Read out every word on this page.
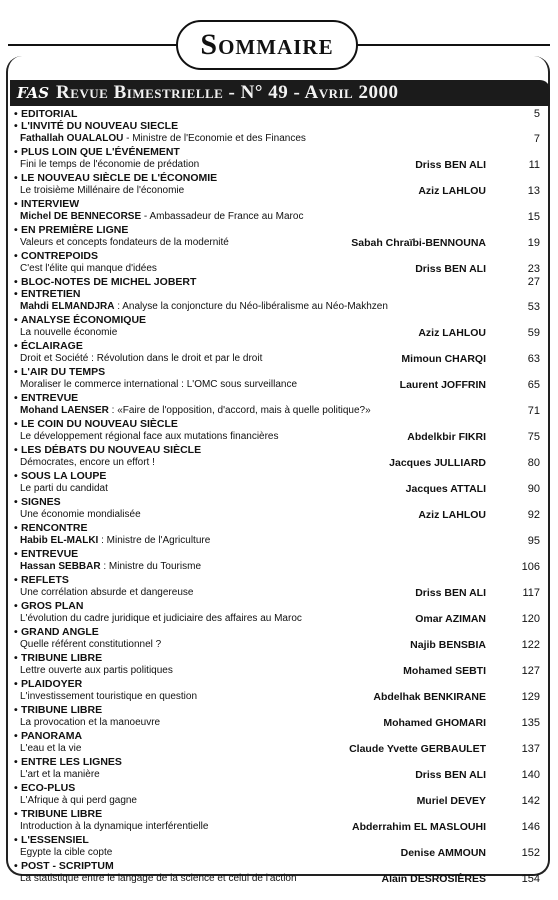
Sommaire
FAS Revue Bimestrielle - N° 49 - Avril 2000
• EDITORIAL	5
• L'INVITÉ DU NOUVEAU SIECLE
Fathallah OUALALOU - Ministre de l'Economie et des Finances	7
• PLUS LOIN QUE L'ÉVÉNEMENT
Fini le temps de l'économie de prédation	Driss BEN ALI	11
• LE NOUVEAU SIÈCLE DE L'ÉCONOMIE
Le troisième Millénaire de l'économie	Aziz LAHLOU	13
• INTERVIEW
Michel DE BENNECORSE - Ambassadeur de France au Maroc	15
• EN PREMIÈRE LIGNE
Valeurs et concepts fondateurs de la modernité	Sabah Chraïbi-BENNOUNA	19
• CONTREPOIDS
C'est l'élite qui manque d'idées	Driss BEN ALI	23
• BLOC-NOTES DE MICHEL JOBERT	27
• ENTRETIEN
Mahdi ELMANDJRA : Analyse la conjoncture du Néo-libéralisme au Néo-Makhzen	53
• ANALYSE ÉCONOMIQUE
La nouvelle économie	Aziz LAHLOU	59
• ÉCLAIRAGE
Droit et Société : Révolution dans le droit et par le droit	Mimoun CHARQI	63
• L'AIR DU TEMPS
Moraliser le commerce international : L'OMC sous surveillance	Laurent JOFFRIN	65
• ENTREVUE
Mohand LAENSER : «Faire de l'opposition, d'accord, mais à quelle politique?»	71
• LE COIN DU NOUVEAU SIÈCLE
Le développement régional face aux mutations financières	Abdelkbir FIKRI	75
• LES DÉBATS DU NOUVEAU SIÈCLE
Démocrates, encore un effort !	Jacques JULLIARD	80
• SOUS LA LOUPE
Le parti du candidat	Jacques ATTALI	90
• SIGNES
Une économie mondialisée	Aziz LAHLOU	92
• RENCONTRE
Habib EL-MALKI : Ministre de l'Agriculture	95
• ENTREVUE
Hassan SEBBAR : Ministre du Tourisme	106
• REFLETS
Une corrélation absurde et dangereuse	Driss BEN ALI	117
• GROS PLAN
L'évolution du cadre juridique et judiciaire des affaires au Maroc	Omar AZIMAN	120
• GRAND ANGLE
Quelle référent constitutionnel ?	Najib BENSBIA	122
• TRIBUNE LIBRE
Lettre ouverte aux partis politiques	Mohamed SEBTI	127
• PLAIDOYER
L'investissement touristique en question	Abdelhak BENKIRANE	129
• TRIBUNE LIBRE
La provocation et la manoeuvre	Mohamed GHOMARI	135
• PANORAMA
L'eau et la vie	Claude Yvette GERBAULET	137
• ENTRE LES LIGNES
L'art et la manière	Driss BEN ALI	140
• ECO-PLUS
L'Afrique à qui perd gagne	Muriel DEVEY	142
• TRIBUNE LIBRE
Introduction à la dynamique interférentielle	Abderrahim EL MASLOUHI	146
• L'ESSENSIEL
Egypte la cible copte	Denise AMMOUN	152
• POST - SCRIPTUM
La statistique entre le langage de la science et celui de l'action	Alain DESROSIÈRES	154
